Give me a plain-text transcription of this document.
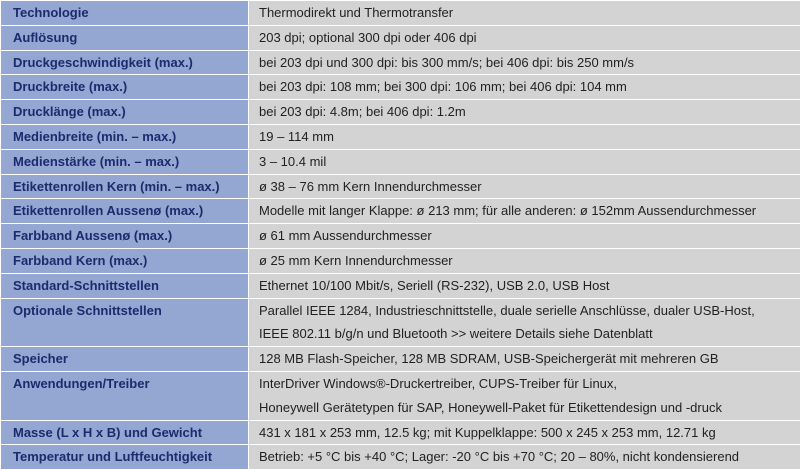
Technologie	Thermodirekt und Thermotransfer

Auflösung	203 dpi; optional 300 dpi oder 406 dpi

Druckgeschwindigkeit (max.)	bei 203 dpi und 300 dpi: bis 300 mm/s; bei 406 dpi: bis 250 mm/s

Druckbreite (max.)	bei 203 dpi: 108 mm; bei 300 dpi: 106 mm; bei 406 dpi: 104 mm

Drucklänge (max.)	bei 203 dpi: 4.8m; bei 406 dpi: 1.2m

Medienbreite (min. – max.)	19 – 114 mm

Medienstärke (min. – max.)	3 – 10.4 mil

Etikettenrollen Kern (min. – max.)	ø 38 – 76 mm Kern Innendurchmesser

Etikettenrollen Aussenø (max.)	Modelle mit langer Klappe: ø 213 mm; für alle anderen: ø 152mm Aussendurchmesser

Farbband Aussenø (max.)	ø 61 mm Aussendurchmesser

Farbband Kern (max.)	ø 25 mm Kern Innendurchmesser

Standard-Schnittstellen	Ethernet 10/100 Mbit/s, Seriell (RS-232), USB 2.0, USB Host

Optionale Schnittstellen	Parallel IEEE 1284, Industrieschnittstelle, duale serielle Anschlüsse, dualer USB-Host,
IEEE 802.11 b/g/n und Bluetooth >> weitere Details siehe Datenblatt

Speicher	128 MB Flash-Speicher, 128 MB SDRAM, USB-Speichergerät mit mehreren GB

Anwendungen/Treiber	InterDriver Windows®-Druckertreiber, CUPS-Treiber für Linux,
Honeywell Gerätetypen für SAP, Honeywell-Paket für Etikettendesign und -druck

Masse (L x H x B) und Gewicht	431 x 181 x 253 mm, 12.5 kg; mit Kuppelklappe: 500 x 245 x 253 mm, 12.71 kg

Temperatur und Luftfeuchtigkeit	Betrieb: +5 °C bis +40 °C; Lager: -20 °C bis +70 °C; 20 – 80%, nicht kondensierend
